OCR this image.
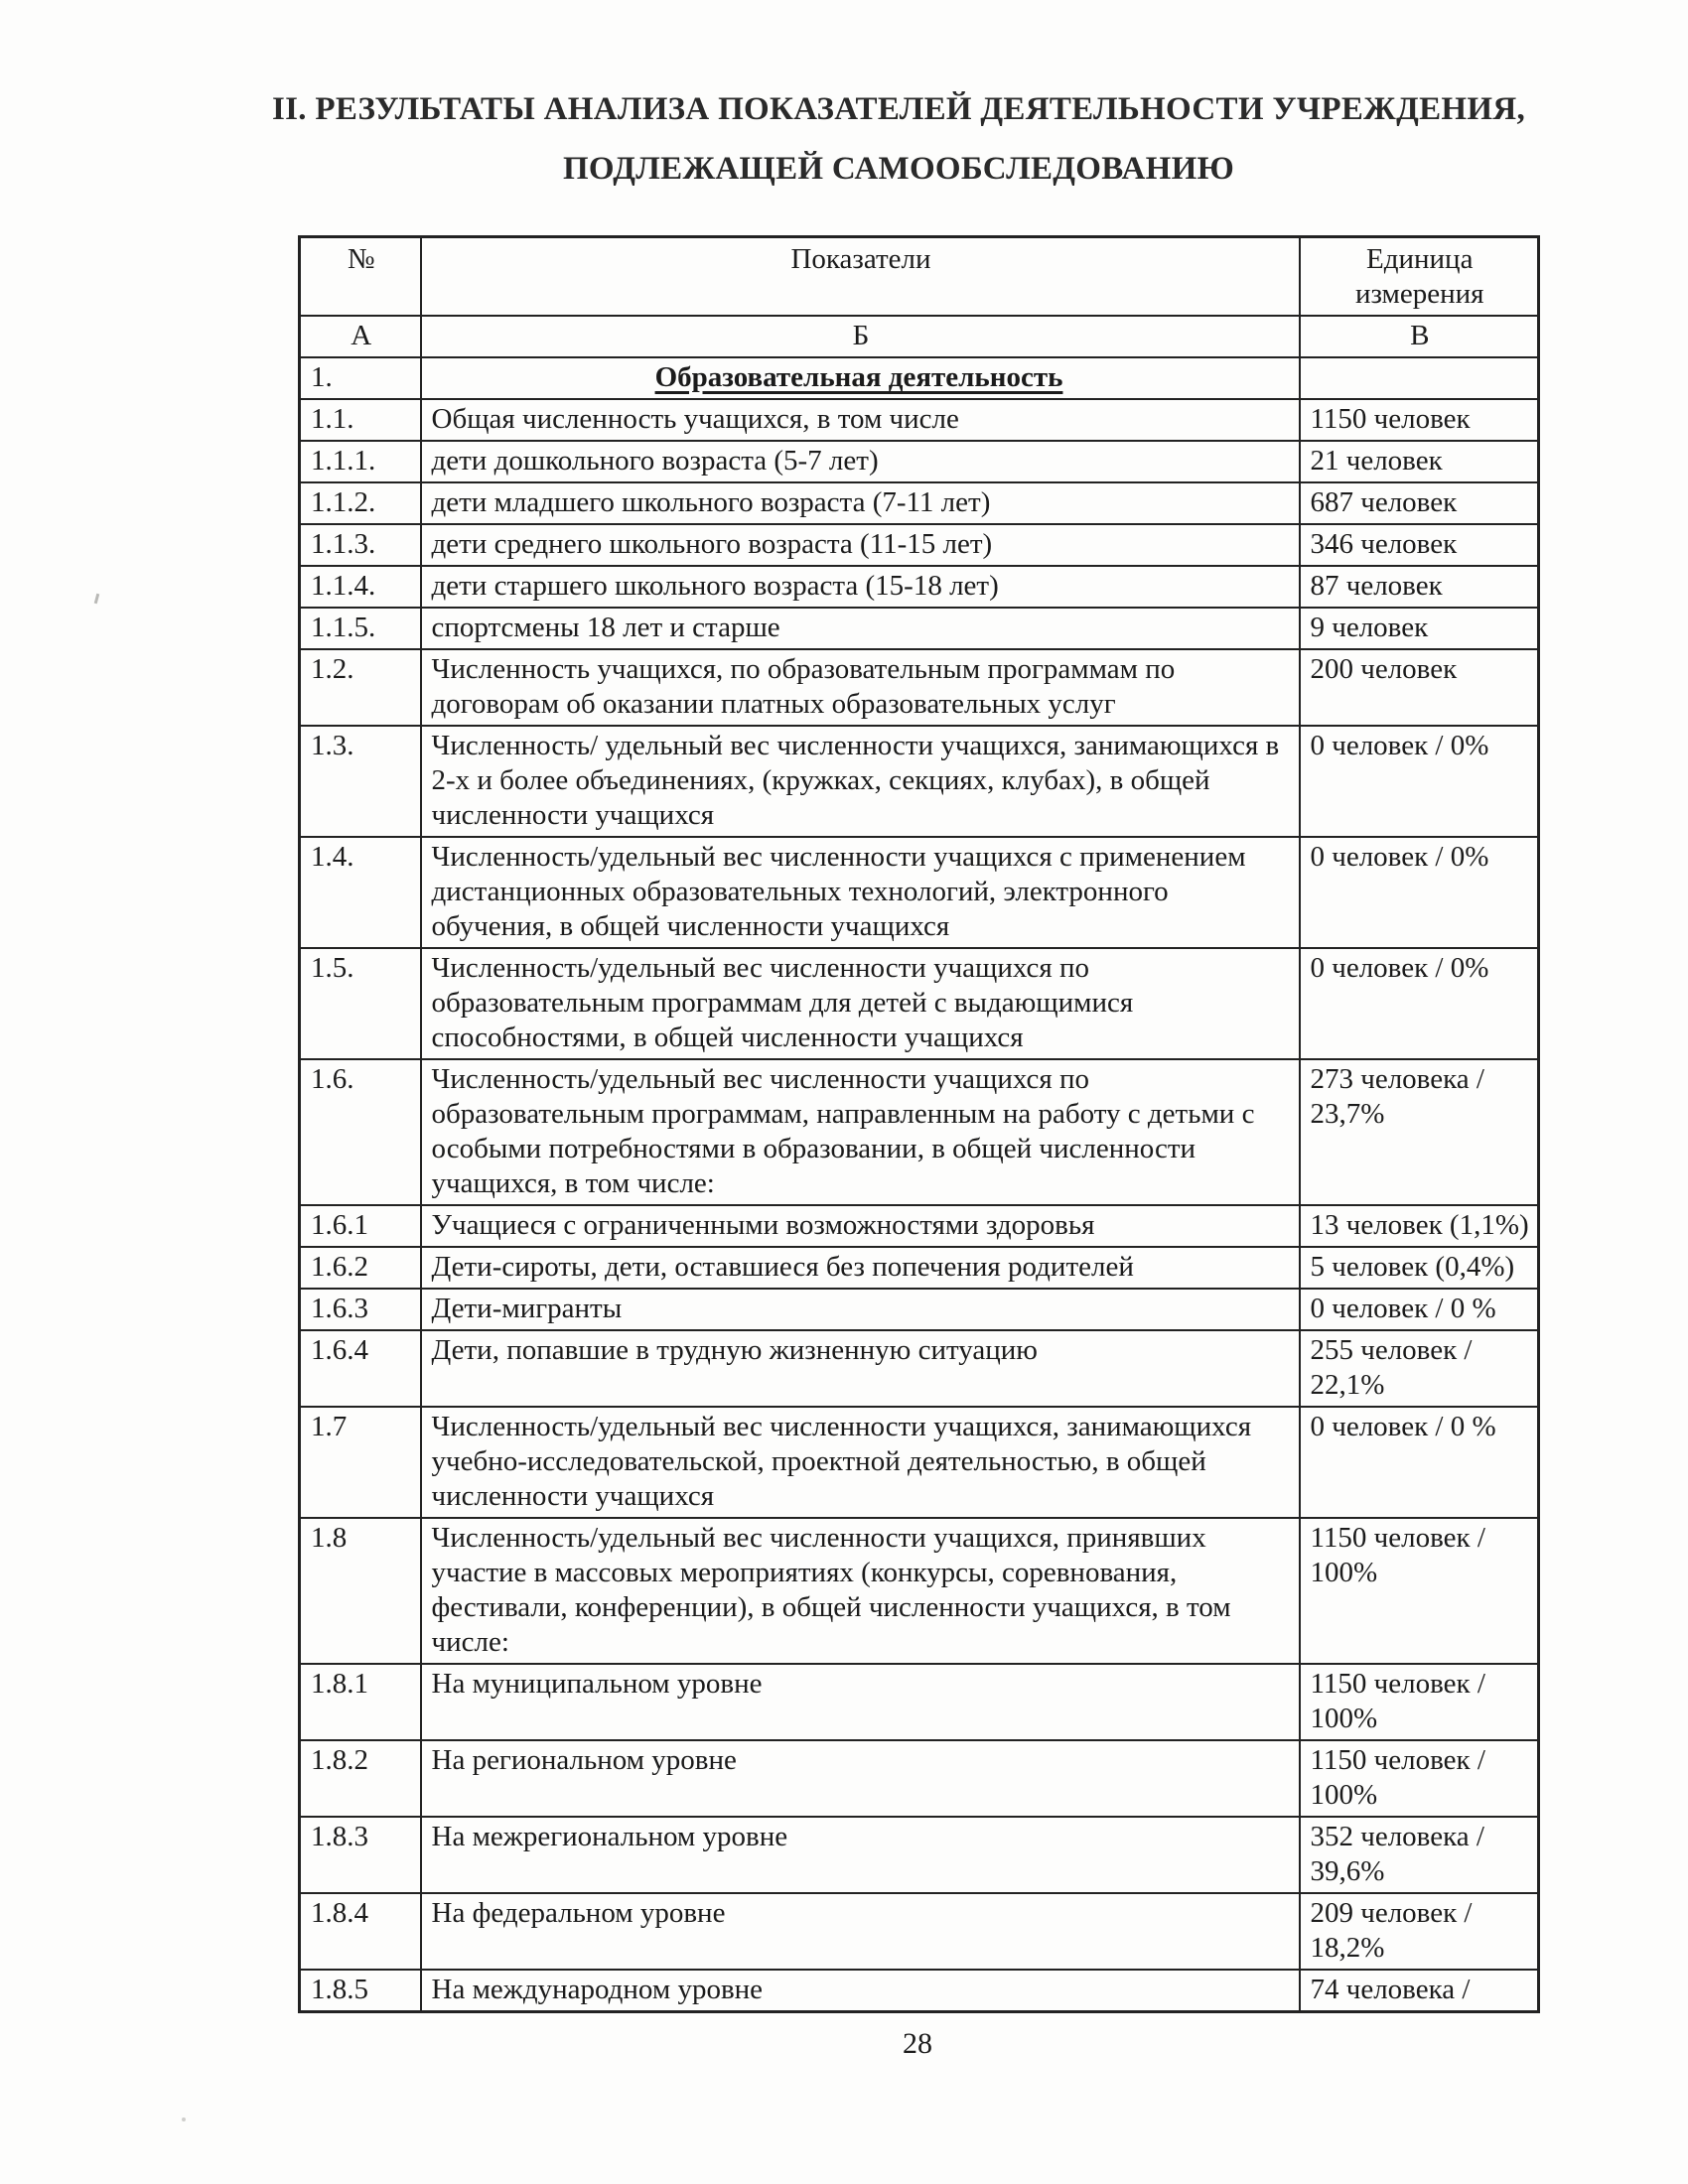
II. РЕЗУЛЬТАТЫ АНАЛИЗА ПОКАЗАТЕЛЕЙ ДЕЯТЕЛЬНОСТИ УЧРЕЖДЕНИЯ,
ПОДЛЕЖАЩЕЙ САМООБСЛЕДОВАНИЮ
№	Показатели	Единица измерения
А	Б	В
1.	Образовательная деятельность	
1.1.	Общая численность учащихся, в том числе	1150 человек
1.1.1.	дети дошкольного возраста (5-7 лет)	21 человек
1.1.2.	дети младшего школьного возраста (7-11 лет)	687 человек
1.1.3.	дети среднего школьного возраста (11-15 лет)	346 человек
1.1.4.	дети старшего школьного возраста (15-18 лет)	87 человек
1.1.5.	спортсмены 18 лет и старше	9 человек
1.2.	Численность учащихся, по образовательным программам по договорам об оказании платных образовательных услуг	200 человек
1.3.	Численность/ удельный вес численности учащихся, занимающихся в 2-х и более объединениях, (кружках, секциях, клубах), в общей численности учащихся	0 человек / 0%
1.4.	Численность/удельный вес численности учащихся с применением дистанционных образовательных технологий, электронного обучения, в общей численности учащихся	0 человек / 0%
1.5.	Численность/удельный вес численности учащихся по образовательным программам для детей с выдающимися способностями, в общей численности учащихся	0 человек / 0%
1.6.	Численность/удельный вес численности учащихся по образовательным программам, направленным на работу с детьми с особыми потребностями в образовании, в общей численности учащихся, в том числе:	273 человека / 23,7%
1.6.1	Учащиеся с ограниченными возможностями здоровья	13 человек (1,1%)
1.6.2	Дети-сироты, дети, оставшиеся без попечения родителей	5 человек (0,4%)
1.6.3	Дети-мигранты	0 человек / 0 %
1.6.4	Дети, попавшие в трудную жизненную ситуацию	255 человек / 22,1%
1.7	Численность/удельный вес численности учащихся, занимающихся учебно-исследовательской, проектной деятельностью, в общей численности учащихся	0 человек / 0 %
1.8	Численность/удельный вес численности учащихся, принявших участие в массовых мероприятиях (конкурсы, соревнования, фестивали, конференции), в общей численности учащихся, в том числе:	1150 человек / 100%
1.8.1	На муниципальном уровне	1150 человек / 100%
1.8.2	На региональном уровне	1150 человек / 100%
1.8.3	На межрегиональном уровне	352 человека / 39,6%
1.8.4	На федеральном уровне	209 человек / 18,2%
1.8.5	На международном уровне	74 человека /
28
